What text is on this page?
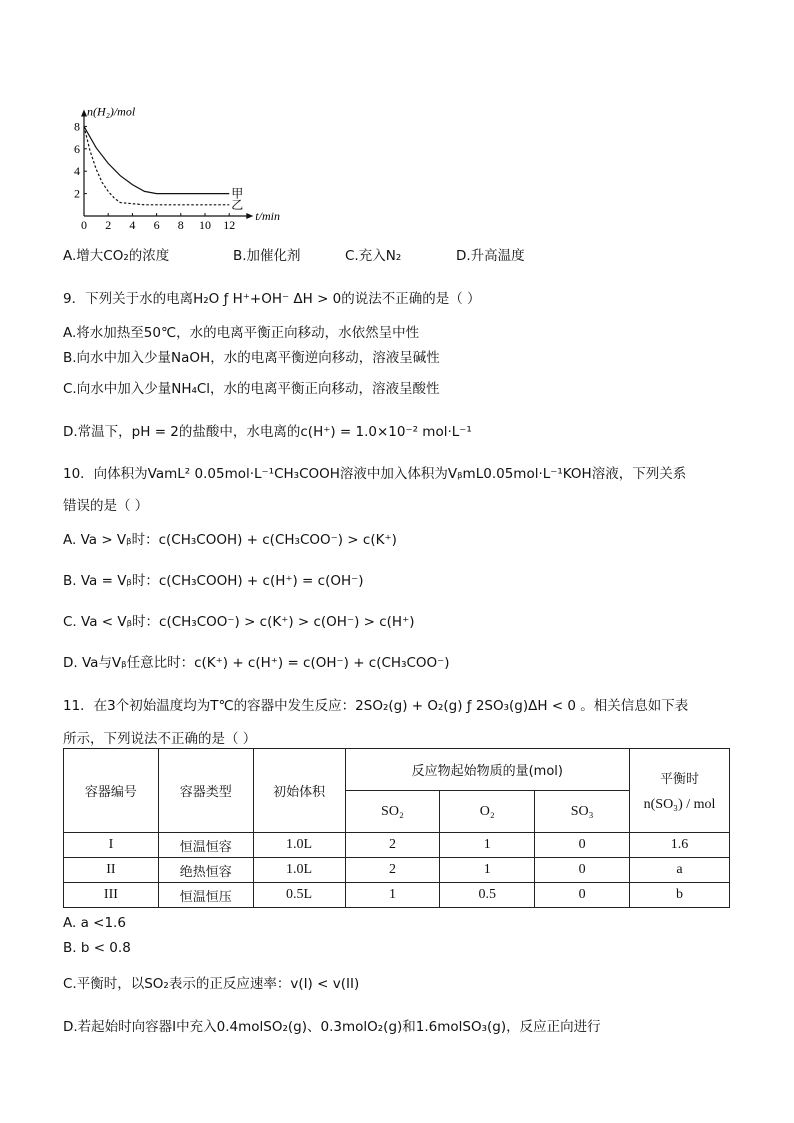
0 2 4 6 8 10 12
2
4
6
8
n(H₂)/mol
t/min
甲
乙
A.增大CO₂的浓度	B.加催化剂	C.充入N₂	D.升高温度
9．下列关于水的电离H₂O ƒ H⁺+OH⁻ ΔH > 0的说法不正确的是（ ）
A.将水加热至50℃，水的电离平衡正向移动，水依然呈中性
B.向水中加入少量NaOH，水的电离平衡逆向移动，溶液呈碱性
C.向水中加入少量NH₄Cl，水的电离平衡正向移动，溶液呈酸性
D.常温下，pH = 2的盐酸中，水电离的c(H⁺) = 1.0×10⁻² mol·L⁻¹
10．向体积为VamL² 0.05mol·L⁻¹CH₃COOH溶液中加入体积为VᵦmL0.05mol·L⁻¹KOH溶液，下列关系
错误的是（ ）
A. Va > Vᵦ时：c(CH₃COOH) + c(CH₃COO⁻) > c(K⁺)
B. Va = Vᵦ时：c(CH₃COOH) + c(H⁺) = c(OH⁻)
C. Va < Vᵦ时：c(CH₃COO⁻) > c(K⁺) > c(OH⁻) > c(H⁺)
D. Va与Vᵦ任意比时：c(K⁺) + c(H⁺) = c(OH⁻) + c(CH₃COO⁻)
11．在3个初始温度均为T℃的容器中发生反应：2SO₂(g) + O₂(g) ƒ 2SO₃(g)ΔH < 0 。相关信息如下表
所示，下列说法不正确的是（ ）
容器编号	容器类型	初始体积	反应物起始物质的量(mol)			平衡时
n(SO₃) / mol

			SO₂	O₂	SO₃	
I	恒温恒容	1.0L	2	1	0	1.6
II	绝热恒容	1.0L	2	1	0	a
III	恒温恒压	0.5L	1	0.5	0	b
A. a <1.6
B. b < 0.8
C.平衡时，以SO₂表示的正反应速率：v(I) < v(II)
D.若起始时向容器I中充入0.4molSO₂(g)、0.3molO₂(g)和1.6molSO₃(g)，反应正向进行
